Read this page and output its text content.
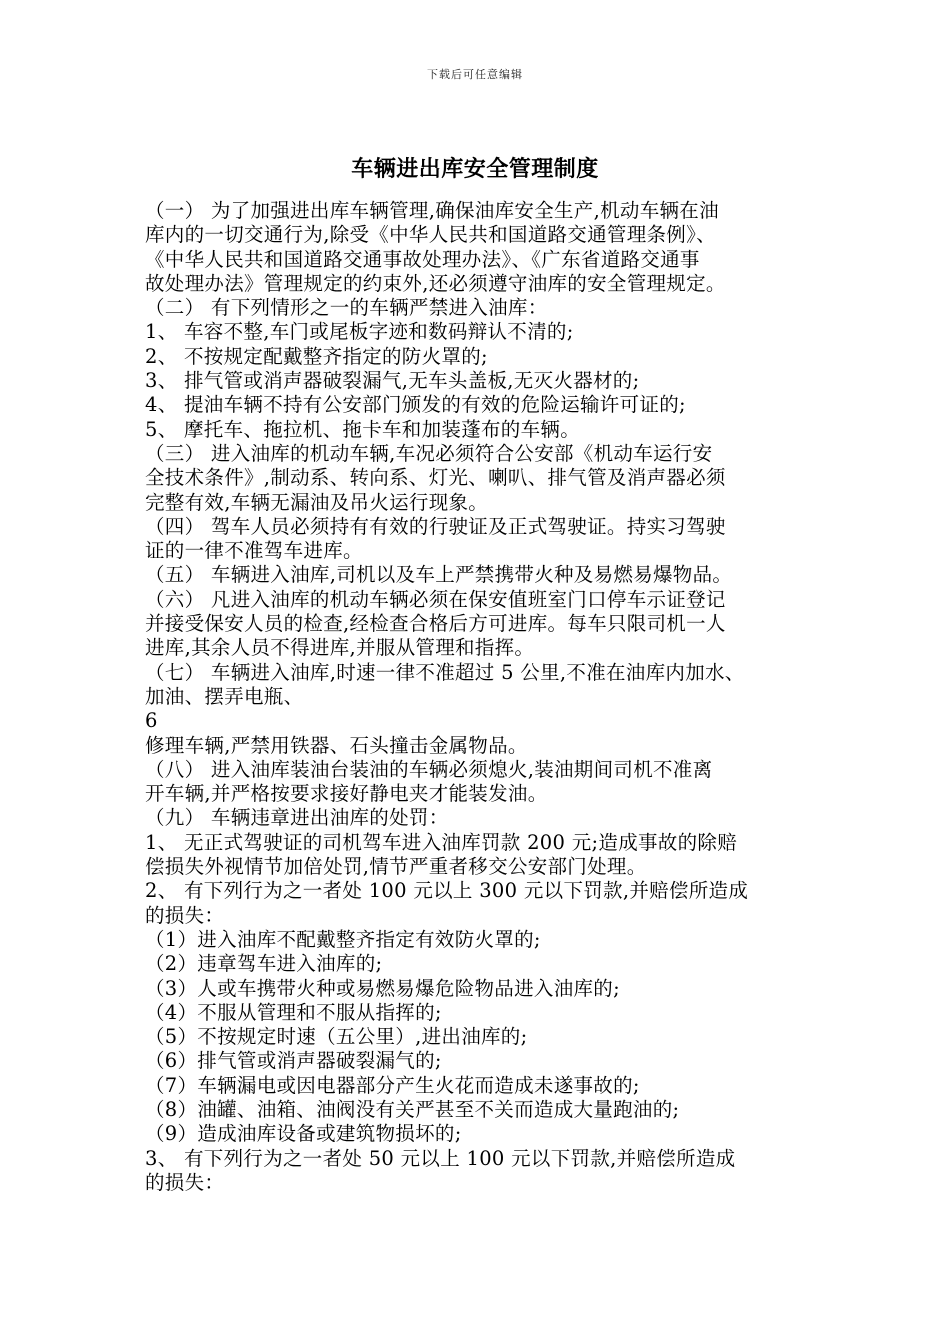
下载后可任意编辑
车辆进出库安全管理制度
（一） 为了加强进出库车辆管理,确保油库安全生产,机动车辆在油
库内的一切交通行为,除受《中华人民共和国道路交通管理条例》、
《中华人民共和国道路交通事故处理办法》、《广东省道路交通事
故处理办法》管理规定的约束外,还必须遵守油库的安全管理规定。
（二） 有下列情形之一的车辆严禁进入油库：
1、 车容不整,车门或尾板字迹和数码辩认不清的;
2、 不按规定配戴整齐指定的防火罩的;
3、 排气管或消声器破裂漏气,无车头盖板,无灭火器材的;
4、 提油车辆不持有公安部门颁发的有效的危险运输许可证的;
5、 摩托车、拖拉机、拖卡车和加装蓬布的车辆。
（三） 进入油库的机动车辆,车况必须符合公安部《机动车运行安
全技术条件》,制动系、转向系、灯光、喇叭、排气管及消声器必须
完整有效,车辆无漏油及吊火运行现象。
（四） 驾车人员必须持有有效的行驶证及正式驾驶证。持实习驾驶
证的一律不准驾车进库。
（五） 车辆进入油库,司机以及车上严禁携带火种及易燃易爆物品。
（六） 凡进入油库的机动车辆必须在保安值班室门口停车示证登记
并接受保安人员的检查,经检查合格后方可进库。每车只限司机一人
进库,其余人员不得进库,并服从管理和指挥。
（七） 车辆进入油库,时速一律不准超过 5 公里,不准在油库内加水、
加油、摆弄电瓶、
6
修理车辆,严禁用铁器、石头撞击金属物品。
（八） 进入油库装油台装油的车辆必须熄火,装油期间司机不准离
开车辆,并严格按要求接好静电夹才能装发油。
（九） 车辆违章进出油库的处罚：
1、 无正式驾驶证的司机驾车进入油库罚款 200 元;造成事故的除赔
偿损失外视情节加倍处罚,情节严重者移交公安部门处理。
2、 有下列行为之一者处 100 元以上 300 元以下罚款,并赔偿所造成
的损失：
（1）进入油库不配戴整齐指定有效防火罩的;
（2）违章驾车进入油库的;
（3）人或车携带火种或易燃易爆危险物品进入油库的;
（4）不服从管理和不服从指挥的;
（5）不按规定时速（五公里）,进出油库的;
（6）排气管或消声器破裂漏气的;
（7）车辆漏电或因电器部分产生火花而造成未遂事故的;
（8）油罐、油箱、油阀没有关严甚至不关而造成大量跑油的;
（9）造成油库设备或建筑物损坏的;
3、 有下列行为之一者处 50 元以上 100 元以下罚款,并赔偿所造成
的损失：
